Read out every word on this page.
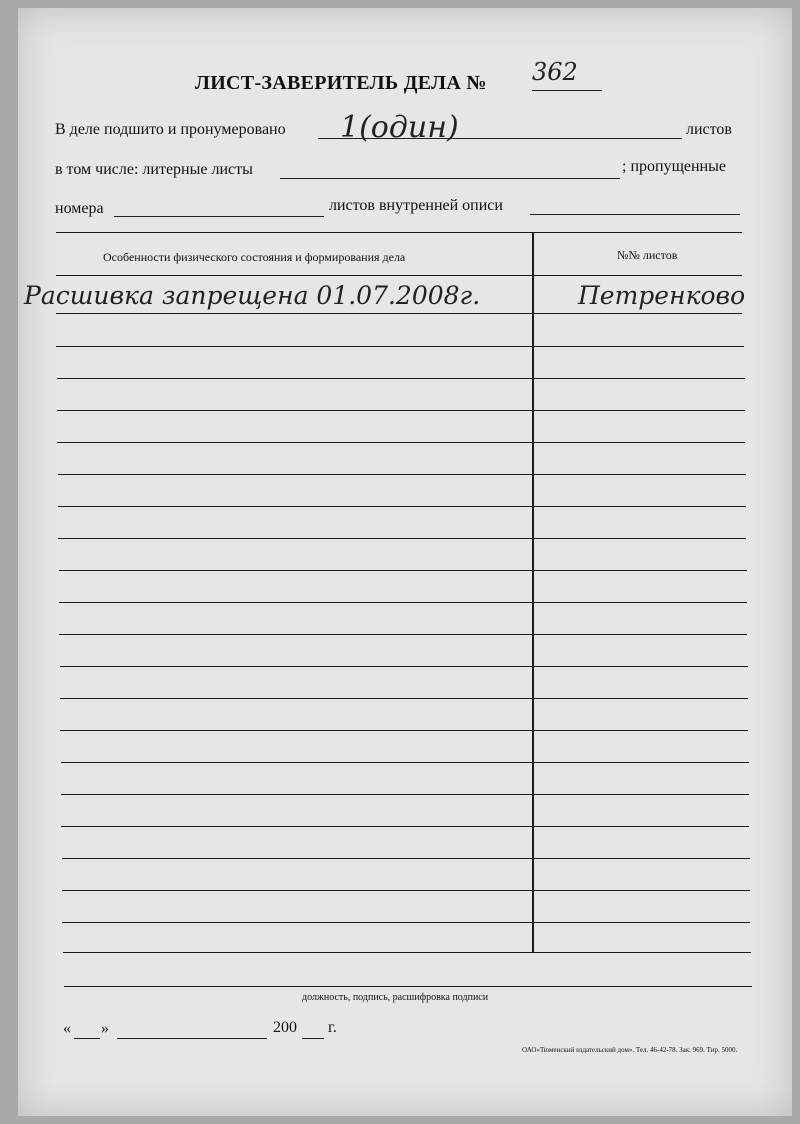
ЛИСТ-ЗАВЕРИТЕЛЬ ДЕЛА № 362
В деле подшито и пронумеровано 1(один)	листов
в том числе: литерные листы	; пропущенные
номера	листов внутренней описи
Особенности физического состояния и формирования дела	№№ листов
Расшивка запрещена 01.07.2008г.	Петренково
должность, подпись, расшифровка подписи
« »	200 г.
ОАО«Тюменский издательский дом». Тел. 46-42-78. Зак. 969. Тир. 5000.
